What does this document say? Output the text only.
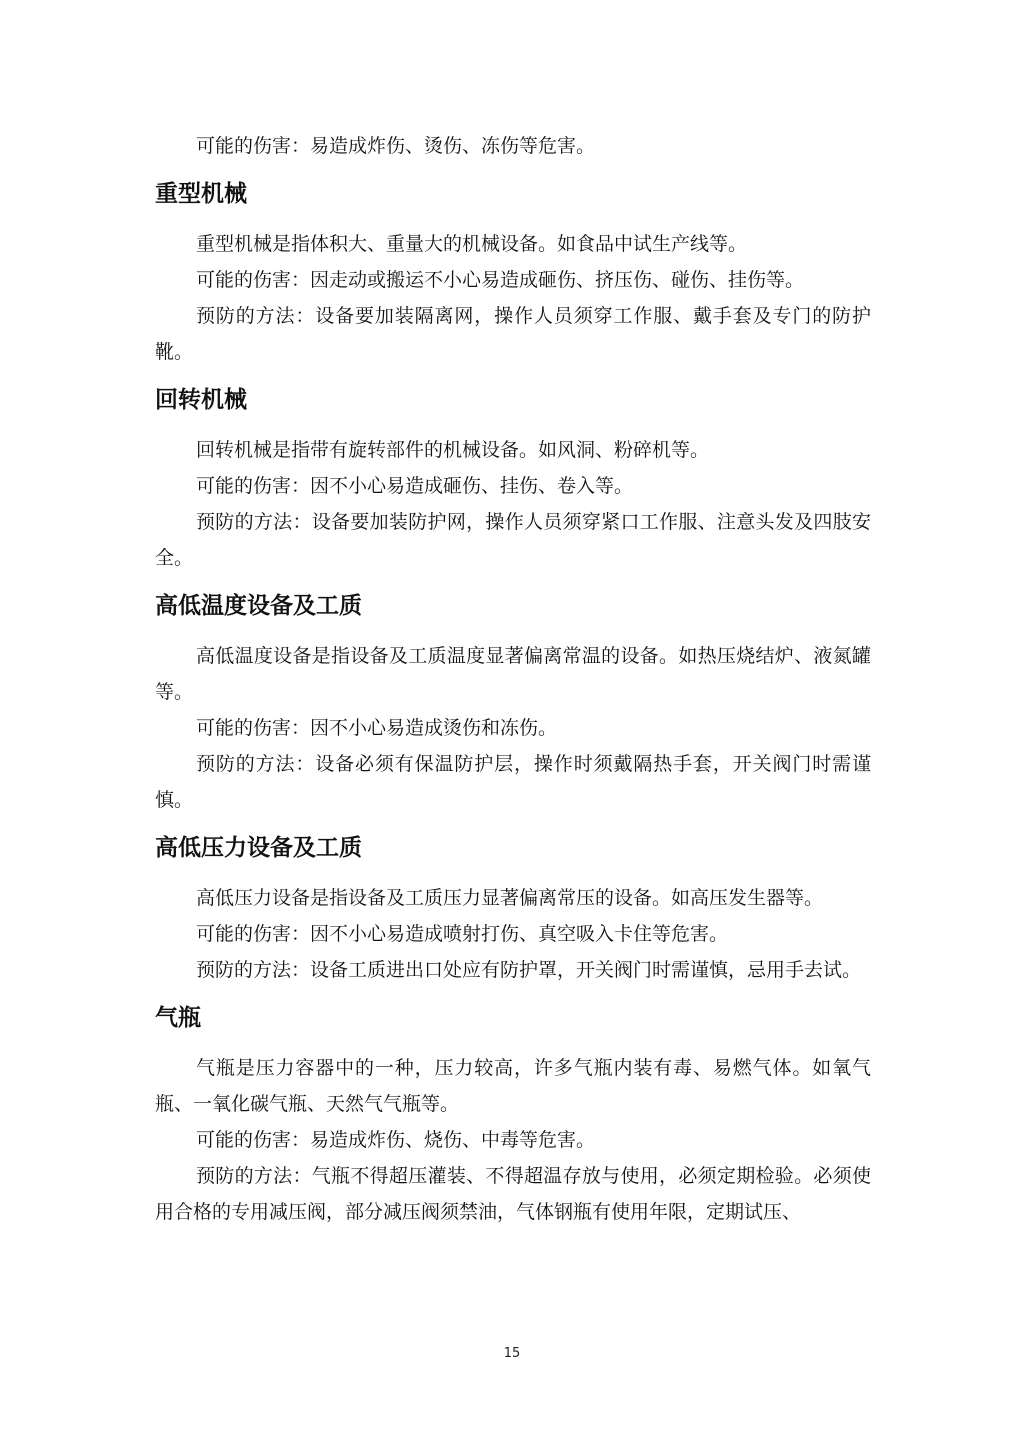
可能的伤害：易造成炸伤、烫伤、冻伤等危害。

重型机械

重型机械是指体积大、重量大的机械设备。如食品中试生产线等。

可能的伤害：因走动或搬运不小心易造成砸伤、挤压伤、碰伤、挂伤等。

预防的方法：设备要加装隔离网，操作人员须穿工作服、戴手套及专门的防护靴。

回转机械

回转机械是指带有旋转部件的机械设备。如风洞、粉碎机等。

可能的伤害：因不小心易造成砸伤、挂伤、卷入等。

预防的方法：设备要加装防护网，操作人员须穿紧口工作服、注意头发及四肢安全。

高低温度设备及工质

高低温度设备是指设备及工质温度显著偏离常温的设备。如热压烧结炉、液氮罐等。

可能的伤害：因不小心易造成烫伤和冻伤。

预防的方法：设备必须有保温防护层，操作时须戴隔热手套，开关阀门时需谨慎。

高低压力设备及工质

高低压力设备是指设备及工质压力显著偏离常压的设备。如高压发生器等。

可能的伤害：因不小心易造成喷射打伤、真空吸入卡住等危害。

预防的方法：设备工质进出口处应有防护罩，开关阀门时需谨慎，忌用手去试。

气瓶

气瓶是压力容器中的一种，压力较高，许多气瓶内装有毒、易燃气体。如氧气瓶、一氧化碳气瓶、天然气气瓶等。

可能的伤害：易造成炸伤、烧伤、中毒等危害。

预防的方法：气瓶不得超压灌装、不得超温存放与使用，必须定期检验。必须使用合格的专用减压阀，部分减压阀须禁油，气体钢瓶有使用年限，定期试压、

15
